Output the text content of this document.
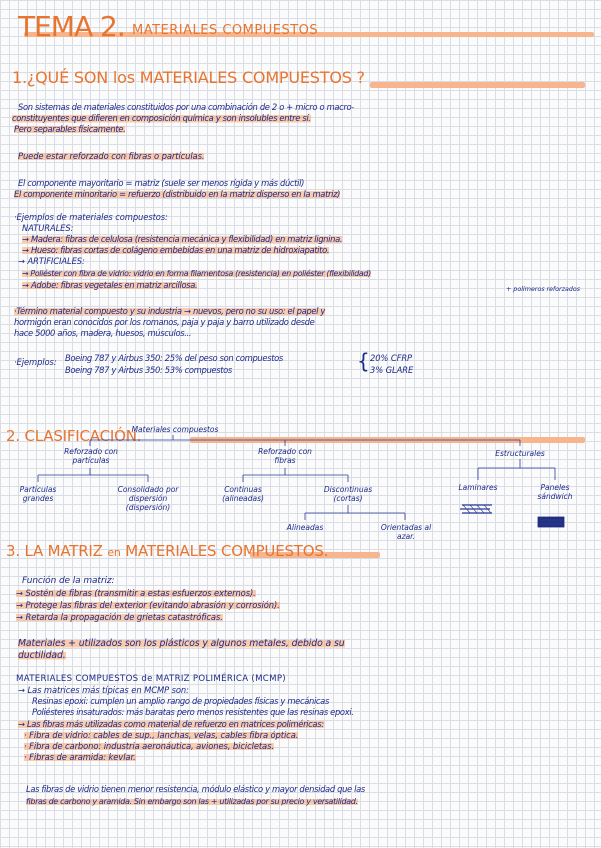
TEMA 2. MATERIALES COMPUESTOS
1.¿QUÉ SON los MATERIALES COMPUESTOS ?
Son sistemas de materiales constituidos por una combinación de 2 o + micro o macro-
constituyentes que difieren en composición química y son insolubles entre sí.
Pero separables físicamente.
Puede estar reforzado con fibras o partículas.
El componente mayoritario = matriz (suele ser menos rígida y más dúctil)
El componente minoritario = refuerzo (distribuido en la matriz disperso en la matriz)
·Ejemplos de materiales compuestos:
NATURALES:
→ Madera: fibras de celulosa (resistencia mecánica y flexibilidad) en matriz lignina.
→ Hueso: fibras cortas de colágeno embebidas en una matriz de hidroxiapatito.
→ ARTIFICIALES:
→ Poliéster con fibra de vidrio: vidrio en forma filamentosa (resistencia) en poliéster (flexibilidad)
→ Adobe: fibras vegetales en matriz arcillosa.	+ polímeros reforzados
·Término material compuesto y su industria → nuevos, pero no su uso: el papel y
hormigón eran conocidos por los romanos, paja y paja y barro utilizado desde
hace 5000 años, madera, huesos, músculos...
·Ejemplos: Boeing 787 y Airbus 350: 25% del peso son compuestos
Boeing 787 y Airbus 350: 53% compuestos	{ 20% CFRP
3% GLARE
2. CLASIFICACIÓN.
Materiales compuestos
Reforzado con partículas
Reforzado con fibras
Estructurales
Partículas grandes
Consolidado por dispersión (dispersión)
Continuas (alineadas)
Discontinuas (cortas)
Alineadas	Orientadas al azar.
Laminares	Paneles sándwich
3. LA MATRIZ en MATERIALES COMPUESTOS.
Función de la matriz:
→ Sostén de fibras (transmitir a estas esfuerzos externos).
→ Protege las fibras del exterior (evitando abrasión y corrosión).
→ Retarda la propagación de grietas catastróficas.
Materiales + utilizados son los plásticos y algunos metales, debido a su
ductilidad.
MATERIALES COMPUESTOS de MATRIZ POLIMÉRICA (MCMP)
→ Las matrices más típicas en MCMP son:
Resinas epoxi: cumplen un amplio rango de propiedades físicas y mecánicas
Poliésteres insaturados: más baratas pero menos resistentes que las resinas epoxi.
→ Las fibras más utilizadas como material de refuerzo en matrices poliméricas:
· Fibra de vidrio: cables de sup., lanchas, velas, cables fibra óptica.
· Fibra de carbono: industria aeronáutica, aviones, bicicletas.
· Fibras de aramida: kevlar.
Las fibras de vidrio tienen menor resistencia, módulo elástico y mayor densidad que las
fibras de carbono y aramida. Sin embargo son las + utilizadas por su precio y versatilidad.
